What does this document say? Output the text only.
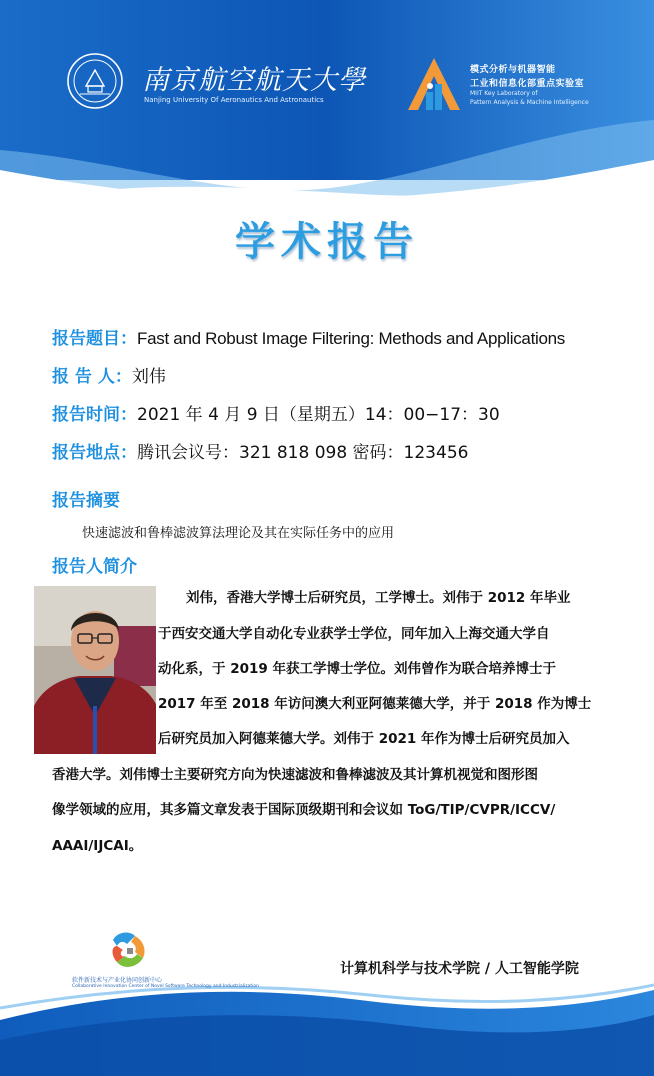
南京航空航天大學
Nanjing University Of Aeronautics And Astronautics
模式分析与机器智能
工业和信息化部重点实验室
MIIT Key Laboratory of
Pattern Analysis & Machine Intelligence
学术报告
报告题目：Fast and Robust Image Filtering: Methods and Applications
报 告 人：刘伟
报告时间：2021 年 4 月 9 日（星期五）14：00−17：30
报告地点：腾讯会议号：321 818 098 密码：123456
报告摘要
快速滤波和鲁棒滤波算法理论及其在实际任务中的应用
报告人简介
刘伟，香港大学博士后研究员，工学博士。刘伟于 2012 年毕业
于西安交通大学自动化专业获学士学位，同年加入上海交通大学自
动化系，于 2019 年获工学博士学位。刘伟曾作为联合培养博士于
2017 年至 2018 年访问澳大利亚阿德莱德大学，并于 2018 作为博士
后研究员加入阿德莱德大学。刘伟于 2021 年作为博士后研究员加入
香港大学。刘伟博士主要研究方向为快速滤波和鲁棒滤波及其计算机视觉和图形图
像学领域的应用，其多篇文章发表于国际顶级期刊和会议如 ToG/TIP/CVPR/ICCV/
AAAI/IJCAI。
软件新技术与产业化协同创新中心
Collaborative Innovation Center of Novel Software Technology and Industrialization
计算机科学与技术学院 / 人工智能学院
